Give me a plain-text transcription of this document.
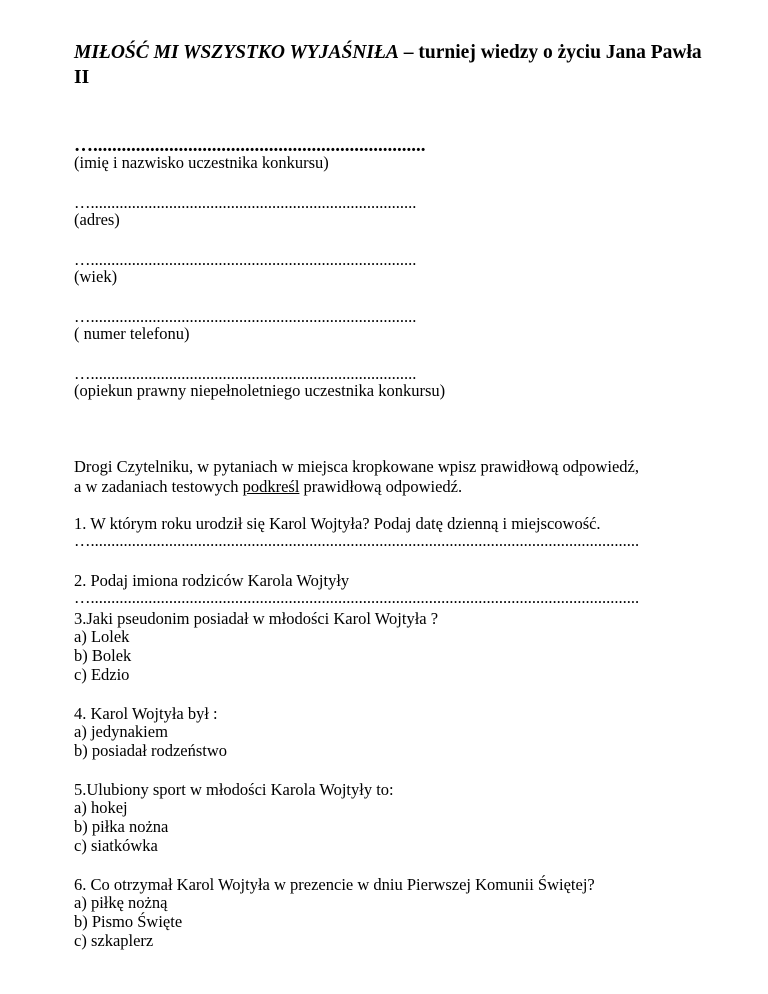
MIŁOŚĆ MI WSZYSTKO WYJAŚNIŁA – turniej wiedzy o życiu Jana Pawła II
…......................................................................
(imię i nazwisko uczestnika konkursu)
…...............................................................................
(adres)
…...............................................................................
(wiek)
…...............................................................................
( numer telefonu)
…...............................................................................
(opiekun prawny niepełnoletniego uczestnika konkursu)
Drogi Czytelniku, w pytaniach w miejsca kropkowane wpisz prawidłową odpowiedź,
a w zadaniach testowych podkreśl prawidłową odpowiedź.
1. W którym roku urodził się Karol Wojtyła? Podaj datę dzienną i miejscowość.
….....................................................................................................................................
2. Podaj imiona rodziców Karola Wojtyły
….....................................................................................................................................
3.Jaki pseudonim posiadał w młodości Karol Wojtyła ?
a) Lolek
b) Bolek
c) Edzio
4. Karol Wojtyła był :
a) jedynakiem
b) posiadał rodzeństwo
5.Ulubiony sport w młodości Karola Wojtyły to:
a) hokej
b) piłka nożna
c) siatkówka
6. Co otrzymał Karol Wojtyła w prezencie w dniu Pierwszej Komunii Świętej?
a) piłkę nożną
b) Pismo Święte
c) szkaplerz
